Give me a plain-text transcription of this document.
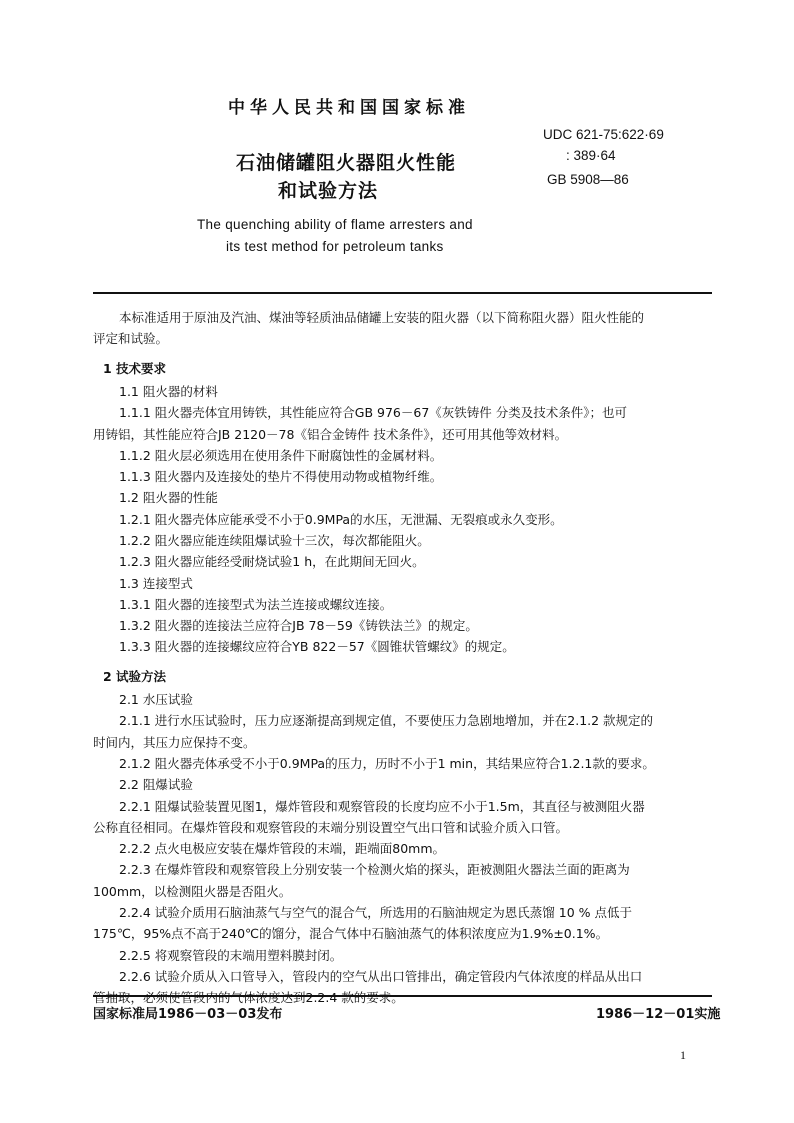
中华人民共和国国家标准
石油储罐阻火器阻火性能
和试验方法
The quenching ability of flame arresters and
its test method for petroleum tanks
UDC 621-75:622·69
: 389·64
GB 5908—86
国家标准局1986－03－03发布	1986－12－01实施
1
本标准适用于原油及汽油、煤油等轻质油品储罐上安装的阻火器（以下简称阻火器）阻火性能的
评定和试验。
1 技术要求
1.1 阻火器的材料
1.1.1 阻火器壳体宜用铸铁，其性能应符合GB 976－67《灰铁铸件 分类及技术条件》；也可
用铸铝，其性能应符合JB 2120－78《铝合金铸件 技术条件》，还可用其他等效材料。
1.1.2 阻火层必须选用在使用条件下耐腐蚀性的金属材料。
1.1.3 阻火器内及连接处的垫片不得使用动物或植物纤维。
1.2 阻火器的性能
1.2.1 阻火器壳体应能承受不小于0.9MPa的水压，无泄漏、无裂痕或永久变形。
1.2.2 阻火器应能连续阻爆试验十三次，每次都能阻火。
1.2.3 阻火器应能经受耐烧试验1 h，在此期间无回火。
1.3 连接型式
1.3.1 阻火器的连接型式为法兰连接或螺纹连接。
1.3.2 阻火器的连接法兰应符合JB 78－59《铸铁法兰》的规定。
1.3.3 阻火器的连接螺纹应符合YB 822－57《圆锥状管螺纹》的规定。
2 试验方法
2.1 水压试验
2.1.1 进行水压试验时，压力应逐渐提高到规定值，不要使压力急剧地增加，并在2.1.2 款规定的
时间内，其压力应保持不变。
2.1.2 阻火器壳体承受不小于0.9MPa的压力，历时不小于1 min，其结果应符合1.2.1款的要求。
2.2 阻爆试验
2.2.1 阻爆试验装置见图1，爆炸管段和观察管段的长度均应不小于1.5m，其直径与被测阻火器
公称直径相同。在爆炸管段和观察管段的末端分别设置空气出口管和试验介质入口管。
2.2.2 点火电极应安装在爆炸管段的末端，距端面80mm。
2.2.3 在爆炸管段和观察管段上分别安装一个检测火焰的探头，距被测阻火器法兰面的距离为
100mm，以检测阻火器是否阻火。
2.2.4 试验介质用石脑油蒸气与空气的混合气，所选用的石脑油规定为恩氏蒸馏 10 % 点低于
175℃，95%点不高于240℃的馏分，混合气体中石脑油蒸气的体积浓度应为1.9%±0.1%。
2.2.5 将观察管段的末端用塑料膜封闭。
2.2.6 试验介质从入口管导入，管段内的空气从出口管排出，确定管段内气体浓度的样品从出口
管抽取，必须使管段内的气体浓度达到2.2.4 款的要求。
